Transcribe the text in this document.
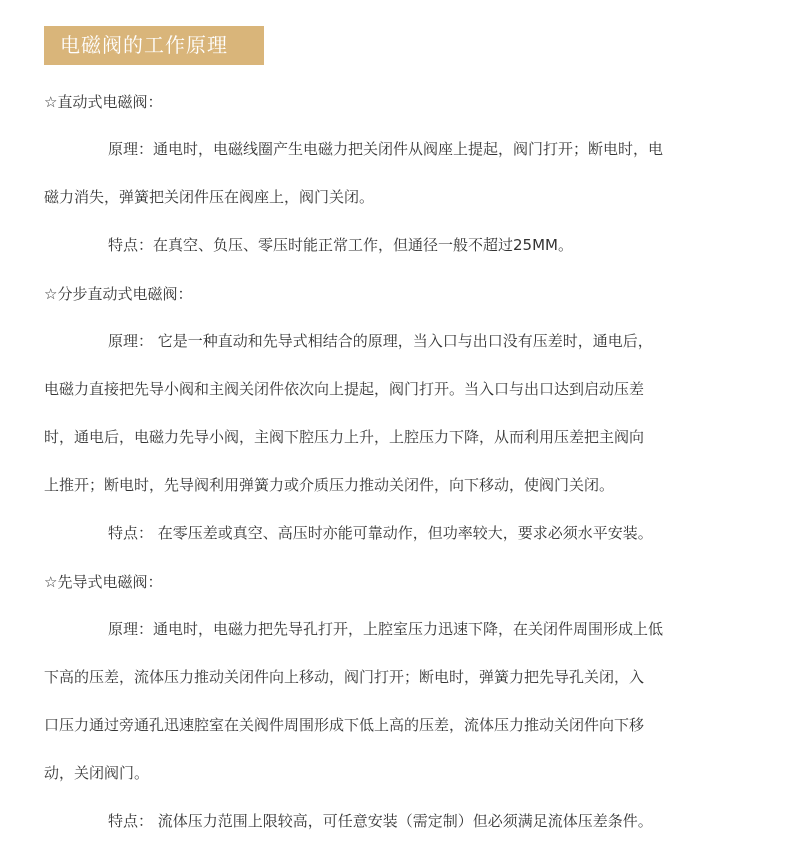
电磁阀的工作原理
☆直动式电磁阀：
原理：通电时，电磁线圈产生电磁力把关闭件从阀座上提起，阀门打开；断电时，电
磁力消失，弹簧把关闭件压在阀座上，阀门关闭。
特点：在真空、负压、零压时能正常工作，但通径一般不超过25MM。
☆分步直动式电磁阀：
原理： 它是一种直动和先导式相结合的原理，当入口与出口没有压差时，通电后，
电磁力直接把先导小阀和主阀关闭件依次向上提起，阀门打开。当入口与出口达到启动压差
时，通电后，电磁力先导小阀，主阀下腔压力上升，上腔压力下降，从而利用压差把主阀向
上推开；断电时，先导阀利用弹簧力或介质压力推动关闭件，向下移动，使阀门关闭。
特点： 在零压差或真空、高压时亦能可靠动作，但功率较大，要求必须水平安装。
☆先导式电磁阀：
原理：通电时，电磁力把先导孔打开，上腔室压力迅速下降，在关闭件周围形成上低
下高的压差，流体压力推动关闭件向上移动，阀门打开；断电时，弹簧力把先导孔关闭，入
口压力通过旁通孔迅速腔室在关阀件周围形成下低上高的压差，流体压力推动关闭件向下移
动，关闭阀门。
特点： 流体压力范围上限较高，可任意安装（需定制）但必须满足流体压差条件。
